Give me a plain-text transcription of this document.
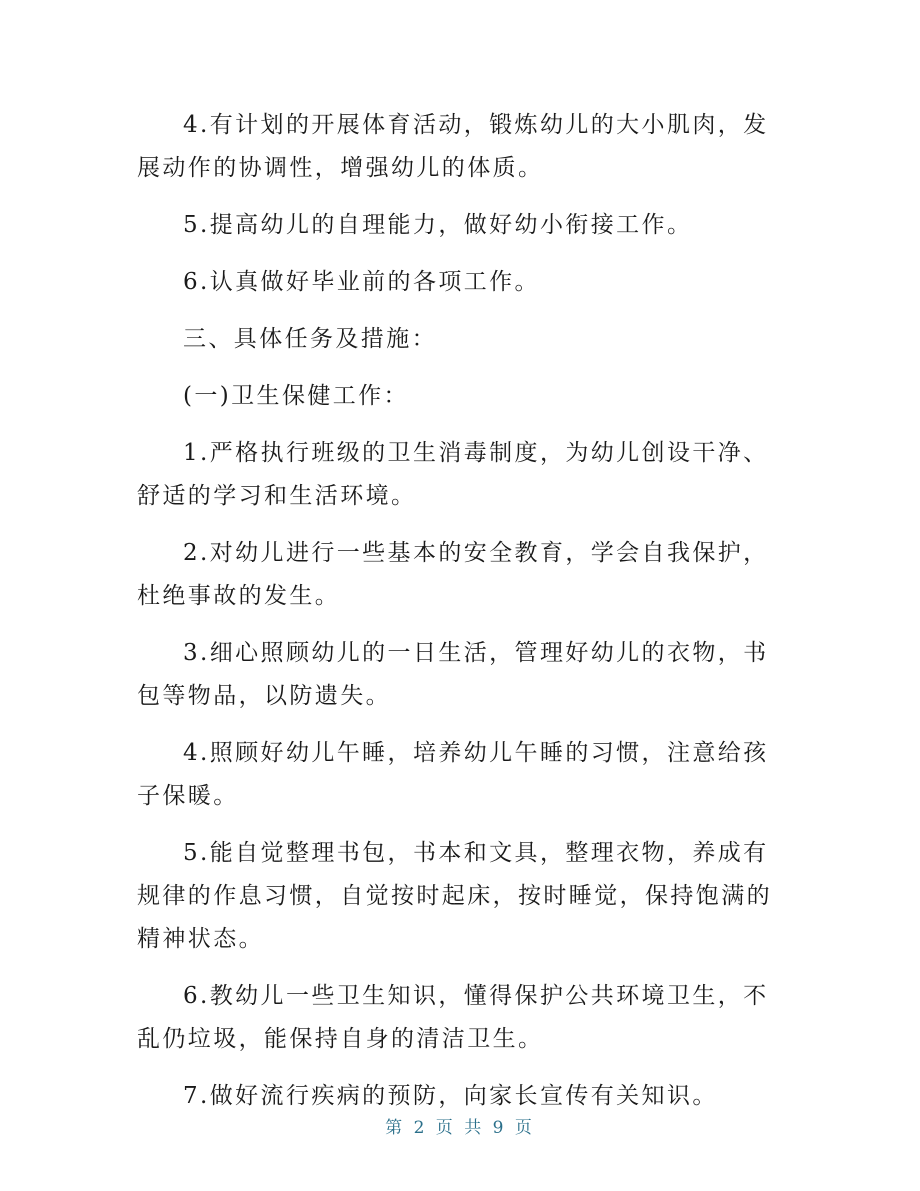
4.有计划的开展体育活动，锻炼幼儿的大小肌肉，发展动作的协调性，增强幼儿的体质。

5.提高幼儿的自理能力，做好幼小衔接工作。

6.认真做好毕业前的各项工作。

三、具体任务及措施：

(一)卫生保健工作：

1.严格执行班级的卫生消毒制度，为幼儿创设干净、舒适的学习和生活环境。

2.对幼儿进行一些基本的安全教育，学会自我保护，杜绝事故的发生。

3.细心照顾幼儿的一日生活，管理好幼儿的衣物，书包等物品，以防遗失。

4.照顾好幼儿午睡，培养幼儿午睡的习惯，注意给孩子保暖。

5.能自觉整理书包，书本和文具，整理衣物，养成有规律的作息习惯，自觉按时起床，按时睡觉，保持饱满的精神状态。

6.教幼儿一些卫生知识，懂得保护公共环境卫生，不乱仍垃圾，能保持自身的清洁卫生。

7.做好流行疾病的预防，向家长宣传有关知识。

第 2 页 共 9 页
